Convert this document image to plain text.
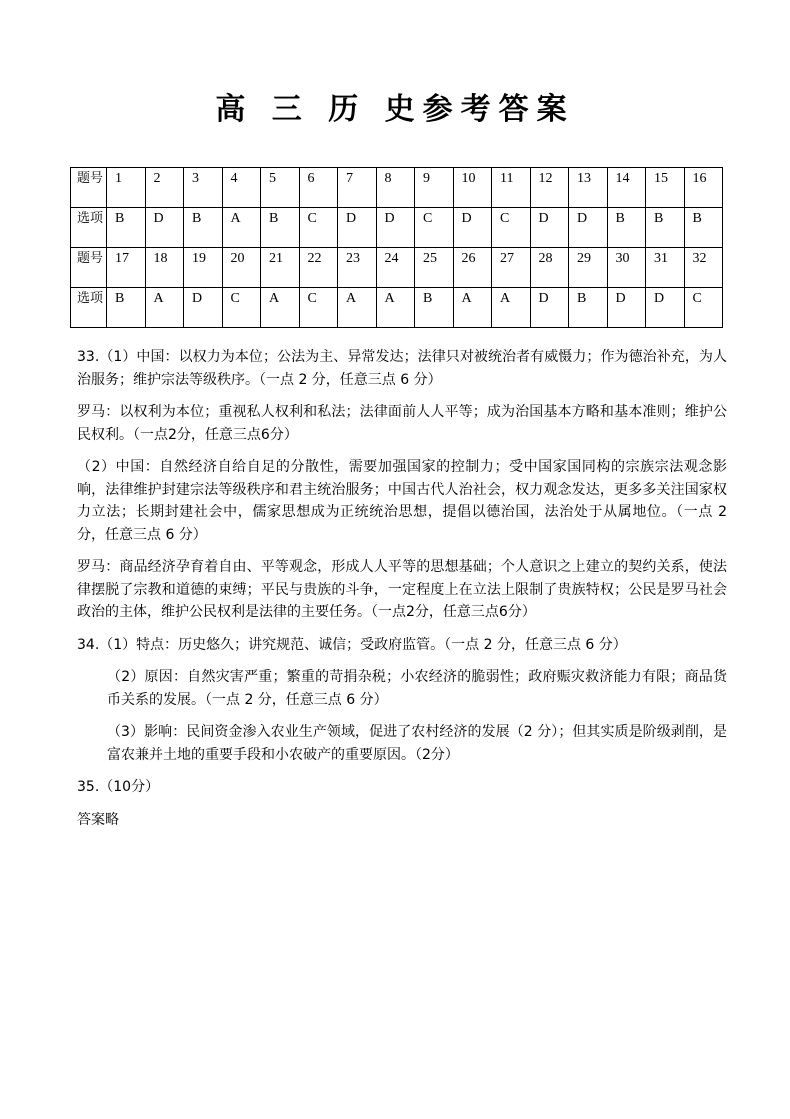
高 三 历 史参考答案
题号	1	2	3	4	5	6	7	8	9	10	11	12	13	14	15	16
选项	B	D	B	A	B	C	D	D	C	D	C	D	D	B	B	B
题号	17	18	19	20	21	22	23	24	25	26	27	28	29	30	31	32
选项	B	A	D	C	A	C	A	A	B	A	A	D	B	D	D	C

33.（1）中国：以权力为本位；公法为主、异常发达；法律只对被统治者有威慑力；作为德治补充，为人治服务；维护宗法等级秩序。（一点 2 分，任意三点 6 分）

罗马：以权利为本位；重视私人权利和私法；法律面前人人平等；成为治国基本方略和基本准则；维护公民权利。（一点2分，任意三点6分）

（2）中国：自然经济自给自足的分散性，需要加强国家的控制力；受中国家国同构的宗族宗法观念影响，法律维护封建宗法等级秩序和君主统治服务；中国古代人治社会，权力观念发达，更多多关注国家权力立法；长期封建社会中，儒家思想成为正统统治思想，提倡以德治国，法治处于从属地位。（一点 2 分，任意三点 6 分）

罗马：商品经济孕育着自由、平等观念，形成人人平等的思想基础；个人意识之上建立的契约关系，使法律摆脱了宗教和道德的束缚；平民与贵族的斗争，一定程度上在立法上限制了贵族特权；公民是罗马社会政治的主体，维护公民权利是法律的主要任务。（一点2分，任意三点6分）

34.（1）特点：历史悠久；讲究规范、诚信；受政府监管。（一点 2 分，任意三点 6 分）

（2）原因：自然灾害严重；繁重的苛捐杂税；小农经济的脆弱性；政府赈灾救济能力有限；商品货币关系的发展。（一点 2 分，任意三点 6 分）

（3）影响：民间资金渗入农业生产领域，促进了农村经济的发展（2 分）；但其实质是阶级剥削，是富农兼并土地的重要手段和小农破产的重要原因。（2分）

35.（10分）

答案略
